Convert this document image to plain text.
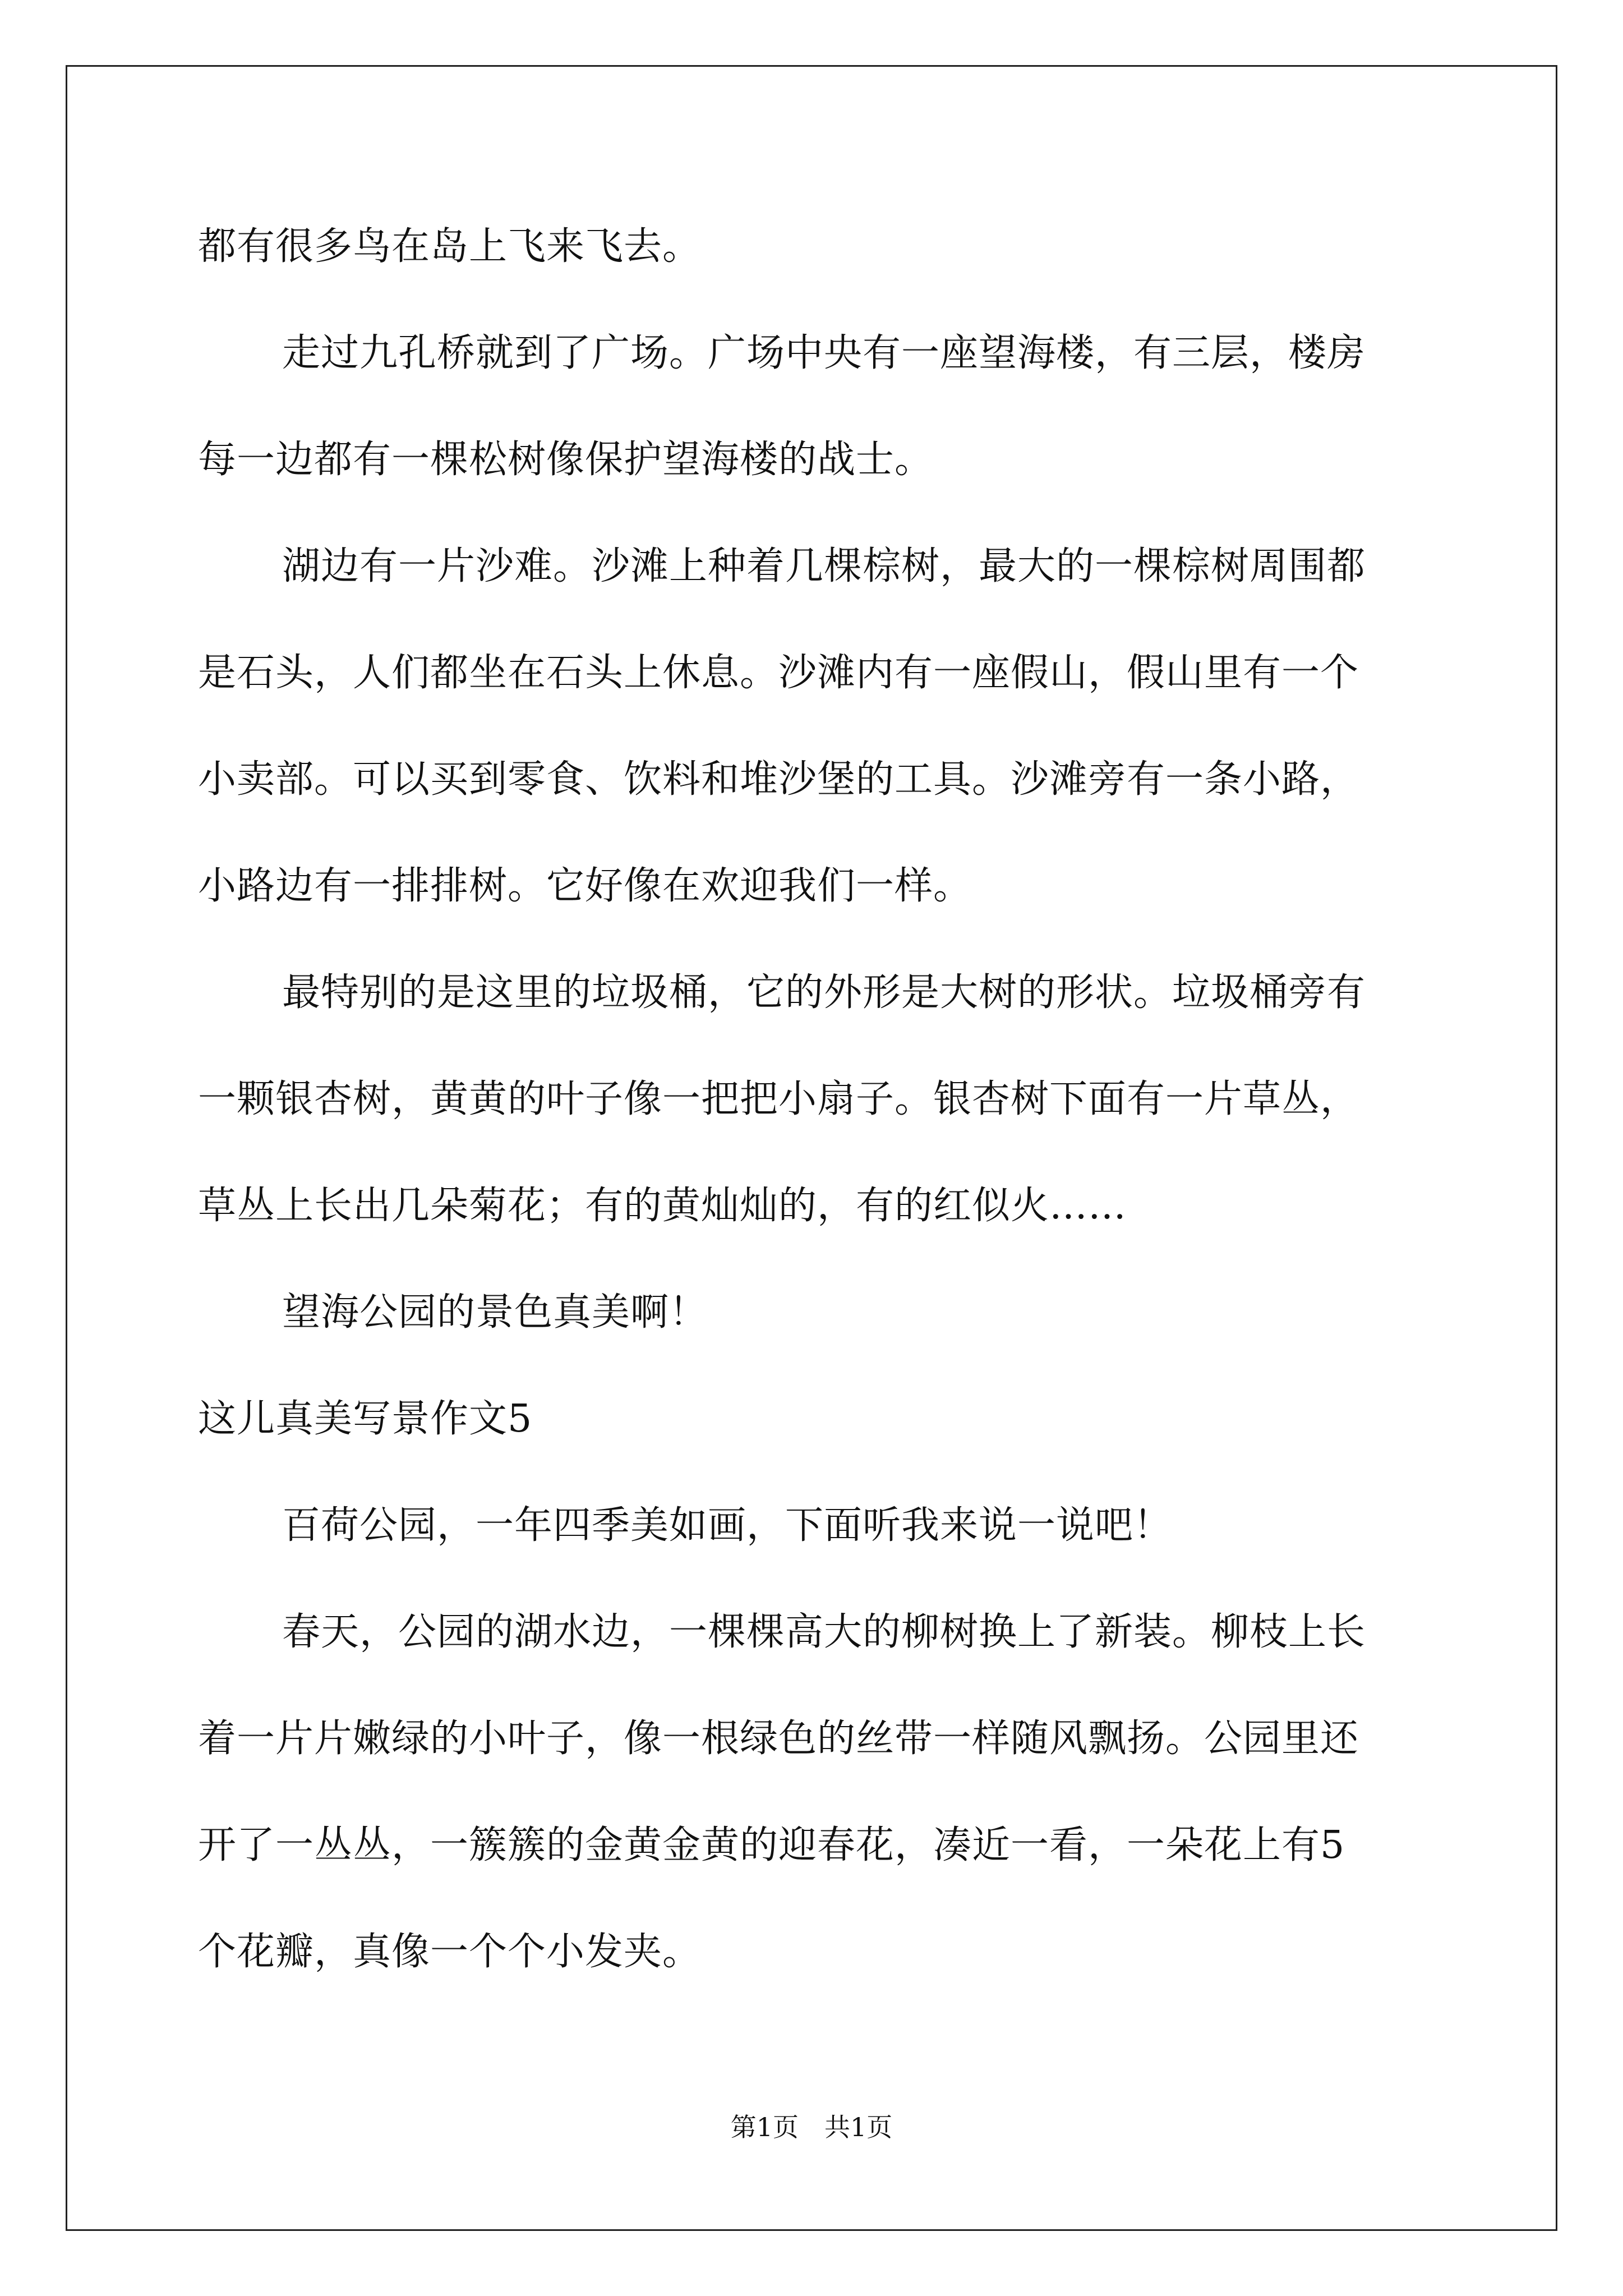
都有很多鸟在岛上飞来飞去。
走过九孔桥就到了广场。广场中央有一座望海楼，有三层，楼房
每一边都有一棵松树像保护望海楼的战士。
湖边有一片沙难。沙滩上种着几棵棕树，最大的一棵棕树周围都
是石头，人们都坐在石头上休息。沙滩内有一座假山，假山里有一个
小卖部。可以买到零食、饮料和堆沙堡的工具。沙滩旁有一条小路，
小路边有一排排树。它好像在欢迎我们一样。
最特别的是这里的垃圾桶，它的外形是大树的形状。垃圾桶旁有
一颗银杏树，黄黄的叶子像一把把小扇子。银杏树下面有一片草丛，
草丛上长出几朵菊花；有的黄灿灿的，有的红似火……
望海公园的景色真美啊！
这儿真美写景作文5
百荷公园，一年四季美如画，下面听我来说一说吧！
春天，公园的湖水边，一棵棵高大的柳树换上了新装。柳枝上长
着一片片嫩绿的小叶子，像一根绿色的丝带一样随风飘扬。公园里还
开了一丛丛，一簇簇的金黄金黄的迎春花，凑近一看，一朵花上有5
个花瓣，真像一个个小发夹。
第1页　共1页
